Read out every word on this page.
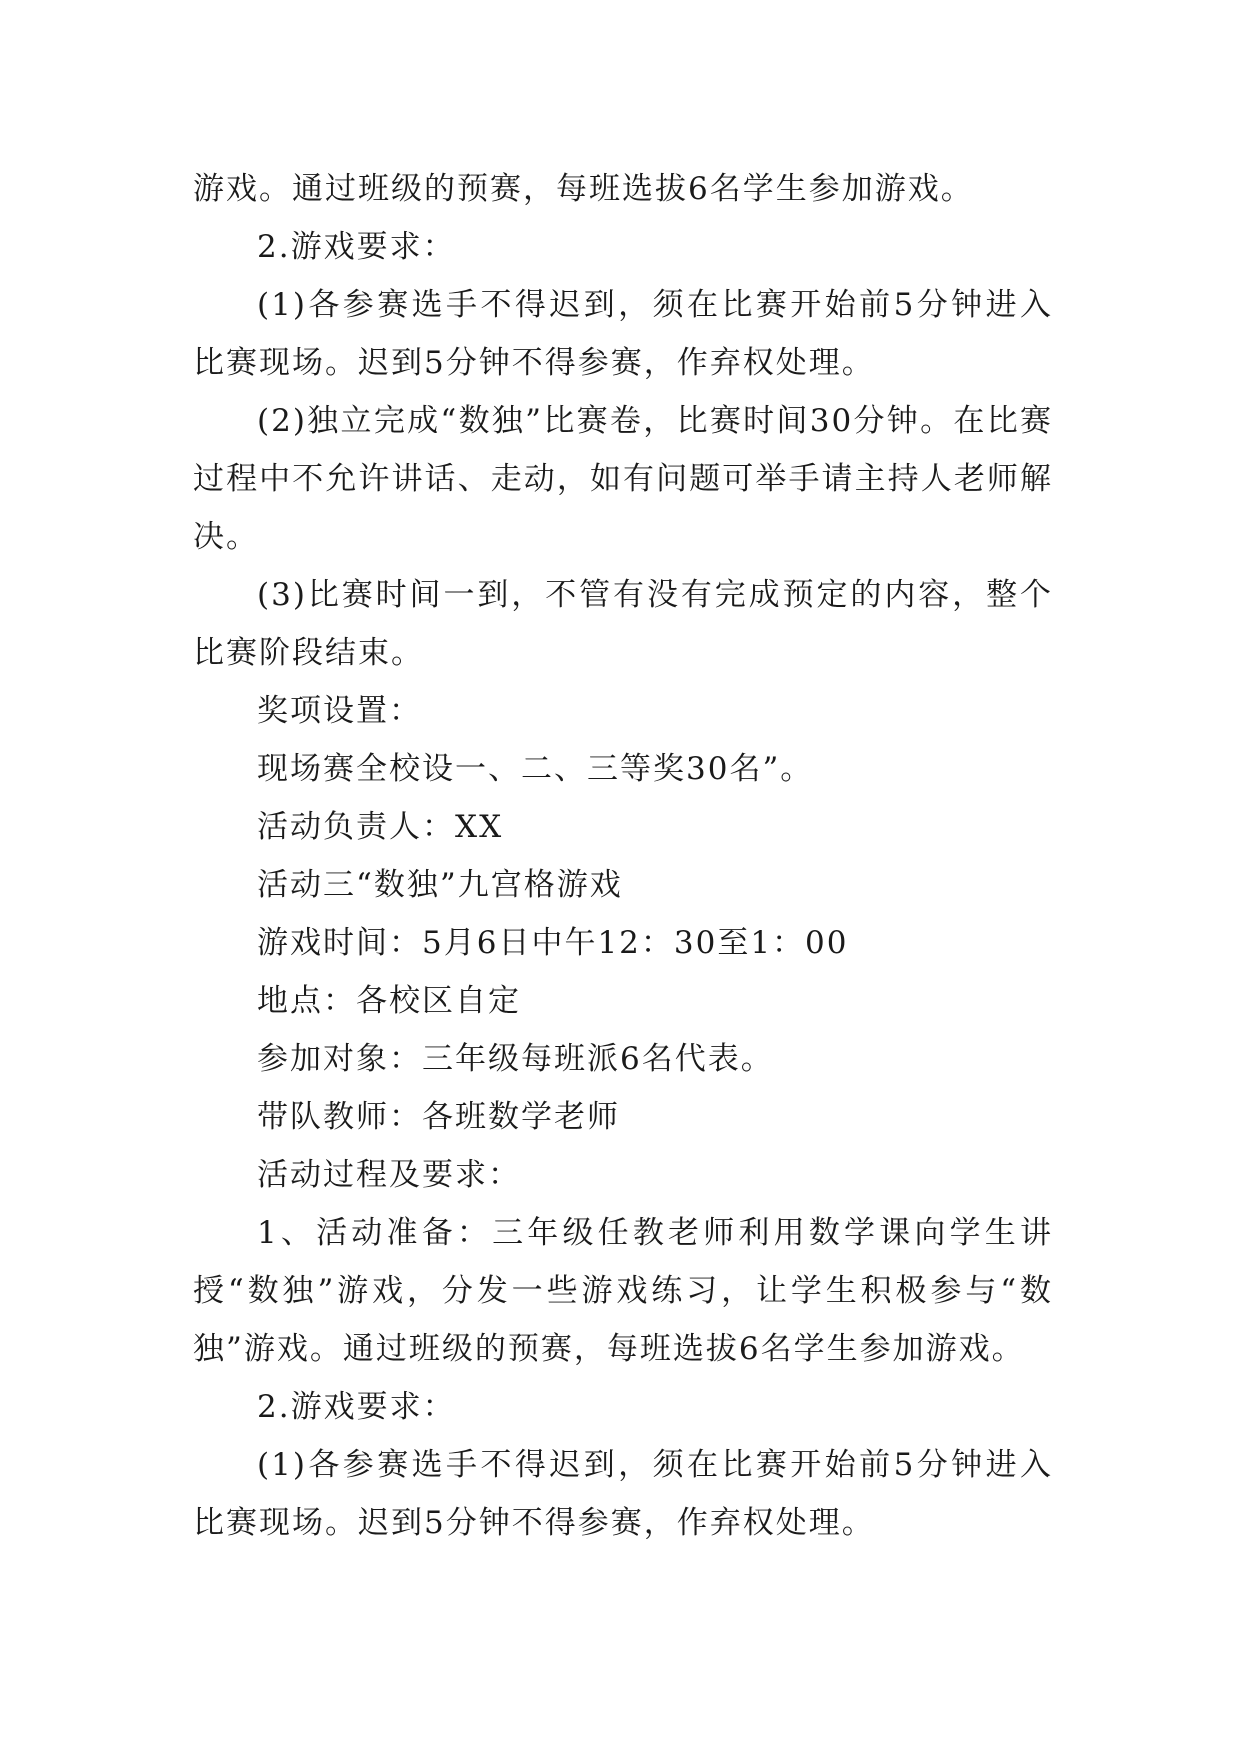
游戏。通过班级的预赛，每班选拔6名学生参加游戏。

2.游戏要求：

(1)各参赛选手不得迟到，须在比赛开始前5分钟进入比赛现场。迟到5分钟不得参赛，作弃权处理。

(2)独立完成“数独”比赛卷，比赛时间30分钟。在比赛过程中不允许讲话、走动，如有问题可举手请主持人老师解决。

(3)比赛时间一到，不管有没有完成预定的内容，整个比赛阶段结束。

奖项设置：

现场赛全校设一、二、三等奖30名”。

活动负责人：XX

活动三“数独”九宫格游戏

游戏时间：5月6日中午12：30至1：00

地点：各校区自定

参加对象：三年级每班派6名代表。

带队教师：各班数学老师

活动过程及要求：

1、活动准备：三年级任教老师利用数学课向学生讲授“数独”游戏，分发一些游戏练习，让学生积极参与“数独”游戏。通过班级的预赛，每班选拔6名学生参加游戏。

2.游戏要求：

(1)各参赛选手不得迟到，须在比赛开始前5分钟进入比赛现场。迟到5分钟不得参赛，作弃权处理。
